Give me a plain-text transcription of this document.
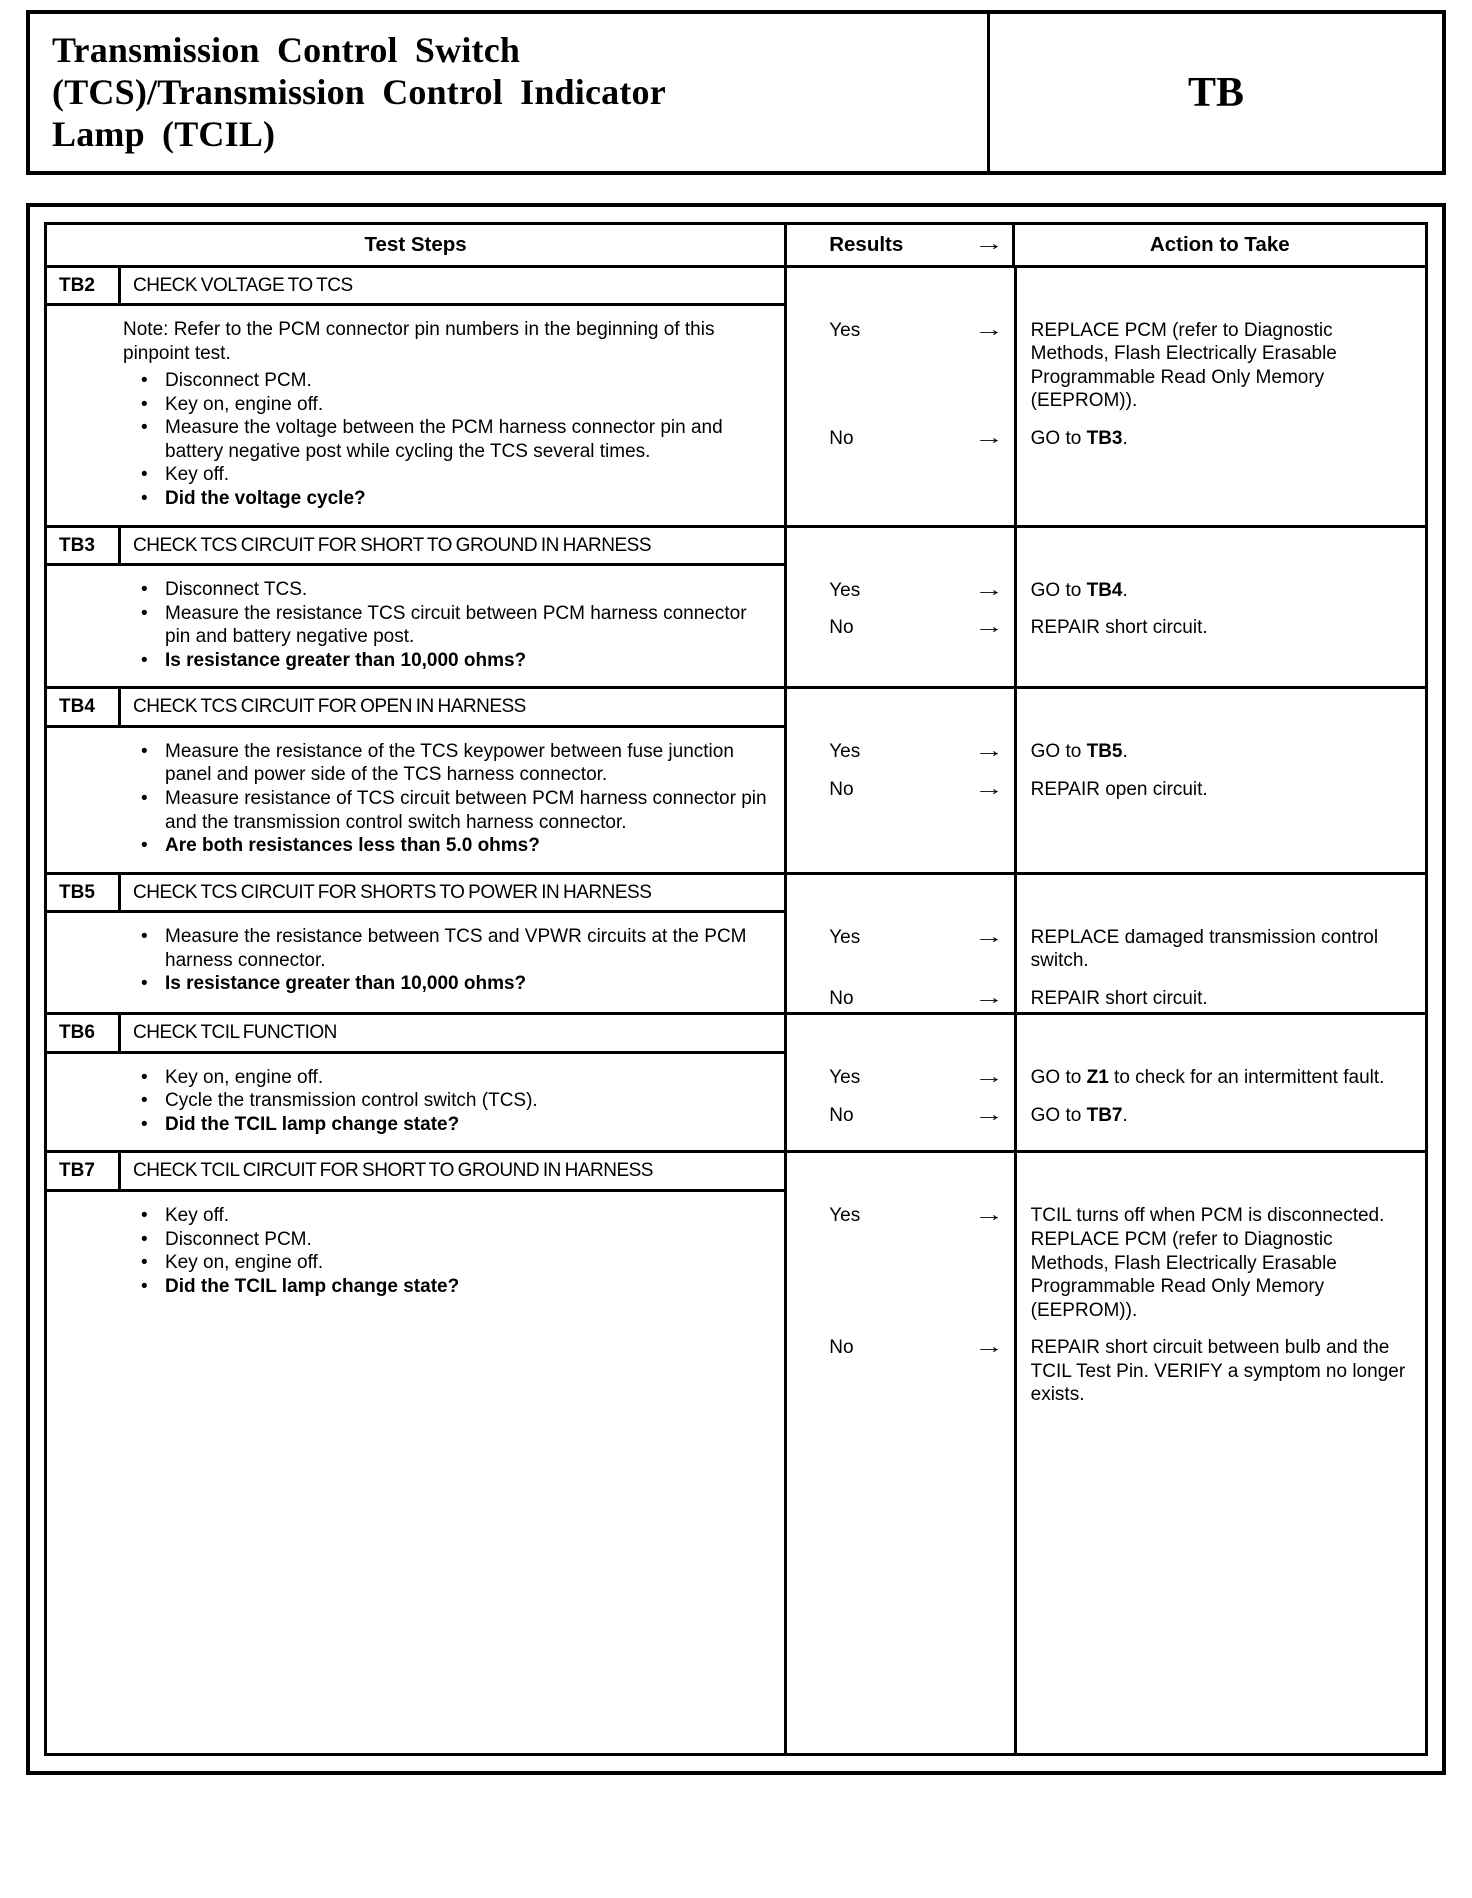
Transmission Control Switch
(TCS)/Transmission Control Indicator
Lamp (TCIL)
TB
Test Steps	Results	→	Action to Take
TB2	CHECK VOLTAGE TO TCS
Note: Refer to the PCM connector pin numbers in the beginning of this pinpoint test.
• Disconnect PCM.
• Key on, engine off.
• Measure the voltage between the PCM harness connector pin and battery negative post while cycling the TCS several times.
• Key off.
• Did the voltage cycle?
Yes	→	REPLACE PCM (refer to Diagnostic Methods, Flash Electrically Erasable Programmable Read Only Memory (EEPROM)).
No	→	GO to TB3.
TB3	CHECK TCS CIRCUIT FOR SHORT TO GROUND IN HARNESS
• Disconnect TCS.
• Measure the resistance TCS circuit between PCM harness connector pin and battery negative post.
• Is resistance greater than 10,000 ohms?
Yes	→	GO to TB4.
No	→	REPAIR short circuit.
TB4	CHECK TCS CIRCUIT FOR OPEN IN HARNESS
• Measure the resistance of the TCS keypower between fuse junction panel and power side of the TCS harness connector.
• Measure resistance of TCS circuit between PCM harness connector pin and the transmission control switch harness connector.
• Are both resistances less than 5.0 ohms?
Yes	→	GO to TB5.
No	→	REPAIR open circuit.
TB5	CHECK TCS CIRCUIT FOR SHORTS TO POWER IN HARNESS
• Measure the resistance between TCS and VPWR circuits at the PCM harness connector.
• Is resistance greater than 10,000 ohms?
Yes	→	REPLACE damaged transmission control switch.
No	→	REPAIR short circuit.
TB6	CHECK TCIL FUNCTION
• Key on, engine off.
• Cycle the transmission control switch (TCS).
• Did the TCIL lamp change state?
Yes	→	GO to Z1 to check for an intermittent fault.
No	→	GO to TB7.
TB7	CHECK TCIL CIRCUIT FOR SHORT TO GROUND IN HARNESS
• Key off.
• Disconnect PCM.
• Key on, engine off.
• Did the TCIL lamp change state?
Yes	→	TCIL turns off when PCM is disconnected. REPLACE PCM (refer to Diagnostic Methods, Flash Electrically Erasable Programmable Read Only Memory (EEPROM)).
No	→	REPAIR short circuit between bulb and the TCIL Test Pin. VERIFY a symptom no longer exists.
